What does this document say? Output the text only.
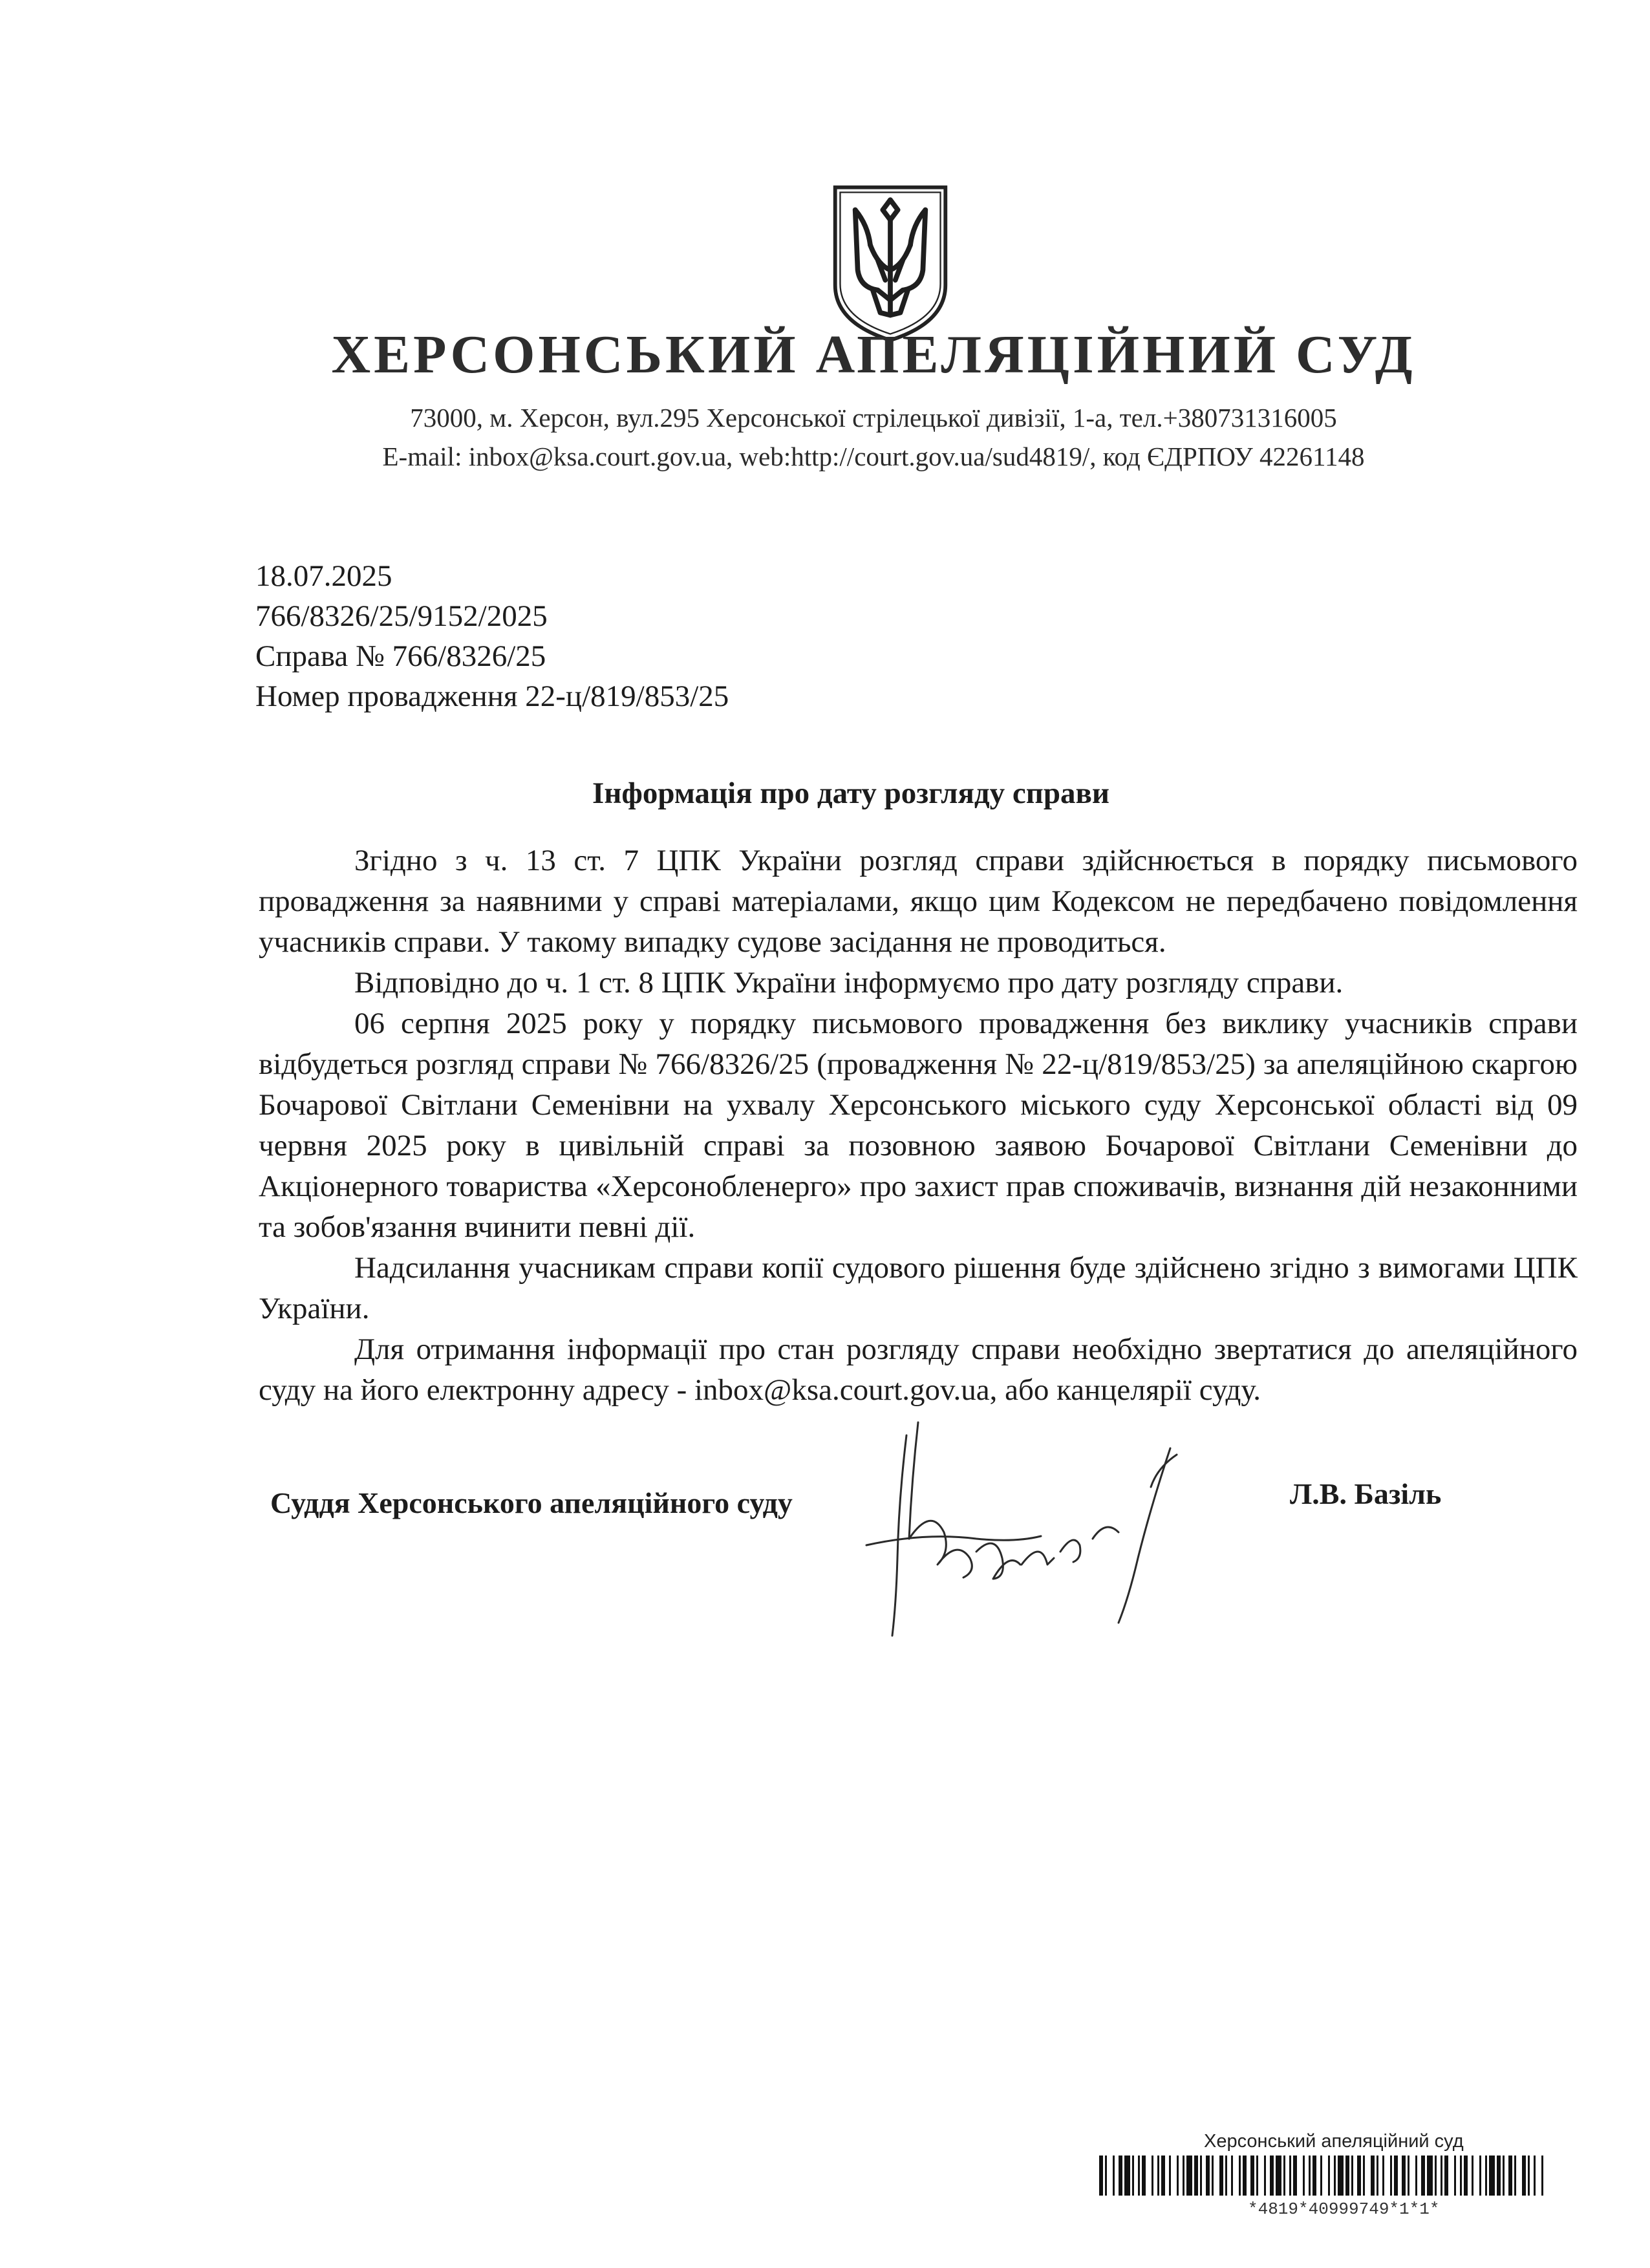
ХЕРСОНСЬКИЙ АПЕЛЯЦІЙНИЙ СУД
73000, м. Херсон, вул.295 Херсонської стрілецької дивізії, 1-а, тел.+380731316005
E-mail: inbox@ksa.court.gov.ua, web:http://court.gov.ua/sud4819/, код ЄДРПОУ 42261148
18.07.2025
766/8326/25/9152/2025
Справа № 766/8326/25
Номер провадження 22-ц/819/853/25
Інформація про дату розгляду справи

Згідно з ч. 13 ст. 7 ЦПК України розгляд справи здійснюється в порядку письмового провадження за наявними у справі матеріалами, якщо цим Кодексом не передбачено повідомлення учасників справи. У такому випадку судове засідання не проводиться.

Відповідно до ч. 1 ст. 8 ЦПК України інформуємо про дату розгляду справи.

06 серпня 2025 року у порядку письмового провадження без виклику учасників справи відбудеться розгляд справи № 766/8326/25 (провадження № 22-ц/819/853/25) за апеляційною скаргою Бочарової Світлани Семенівни на ухвалу Херсонського міського суду Херсонської області від 09 червня 2025 року в цивільній справі за позовною заявою Бочарової Світлани Семенівни до Акціонерного товариства «Херсонобленерго» про захист прав споживачів, визнання дій незаконними та зобов'язання вчинити певні дії.

Надсилання учасникам справи копії судового рішення буде здійснено згідно з вимогами ЦПК України.

Для отримання інформації про стан розгляду справи необхідно звертатися до апеляційного суду на його електронну адресу - inbox@ksa.court.gov.ua, або канцелярії суду.

Суддя Херсонського апеляційного суду	Л.В. Базіль
Херсонський апеляційний суд
*4819*40999749*1*1*
